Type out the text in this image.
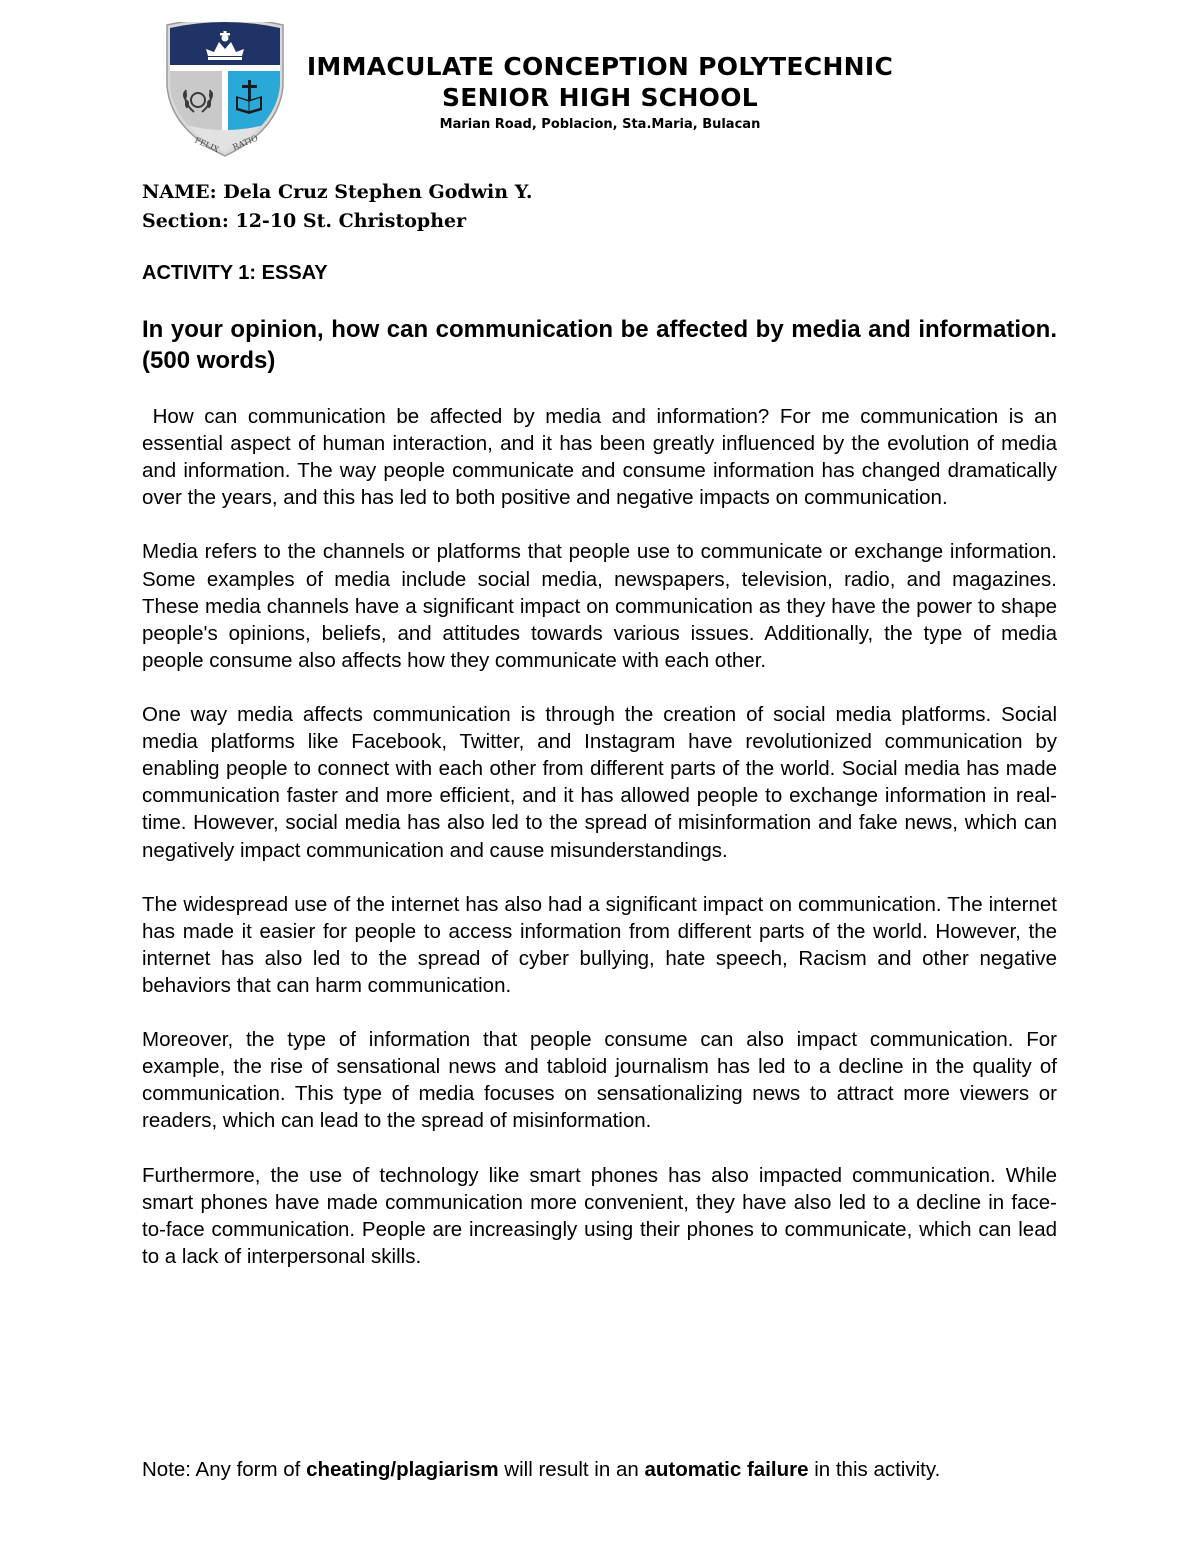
FELIX RATIO
IMMACULATE CONCEPTION POLYTECHNIC
SENIOR HIGH SCHOOL
Marian Road, Poblacion, Sta.Maria, Bulacan
NAME: Dela Cruz Stephen Godwin Y.
Section: 12-10 St. Christopher
ACTIVITY 1: ESSAY
In your opinion, how can communication be affected by media and information. (500 words)

How can communication be affected by media and information? For me communication is an essential aspect of human interaction, and it has been greatly influenced by the evolution of media and information. The way people communicate and consume information has changed dramatically over the years, and this has led to both positive and negative impacts on communication.

Media refers to the channels or platforms that people use to communicate or exchange information. Some examples of media include social media, newspapers, television, radio, and magazines. These media channels have a significant impact on communication as they have the power to shape people's opinions, beliefs, and attitudes towards various issues. Additionally, the type of media people consume also affects how they communicate with each other.

One way media affects communication is through the creation of social media platforms. Social media platforms like Facebook, Twitter, and Instagram have revolutionized communication by enabling people to connect with each other from different parts of the world. Social media has made communication faster and more efficient, and it has allowed people to exchange information in real-time. However, social media has also led to the spread of misinformation and fake news, which can negatively impact communication and cause misunderstandings.

The widespread use of the internet has also had a significant impact on communication. The internet has made it easier for people to access information from different parts of the world. However, the internet has also led to the spread of cyber bullying, hate speech, Racism and other negative behaviors that can harm communication.

Moreover, the type of information that people consume can also impact communication. For example, the rise of sensational news and tabloid journalism has led to a decline in the quality of communication. This type of media focuses on sensationalizing news to attract more viewers or readers, which can lead to the spread of misinformation.

Furthermore, the use of technology like smart phones has also impacted communication. While smart phones have made communication more convenient, they have also led to a decline in face-to-face communication. People are increasingly using their phones to communicate, which can lead to a lack of interpersonal skills.

Note: Any form of cheating/plagiarism will result in an automatic failure in this activity.
